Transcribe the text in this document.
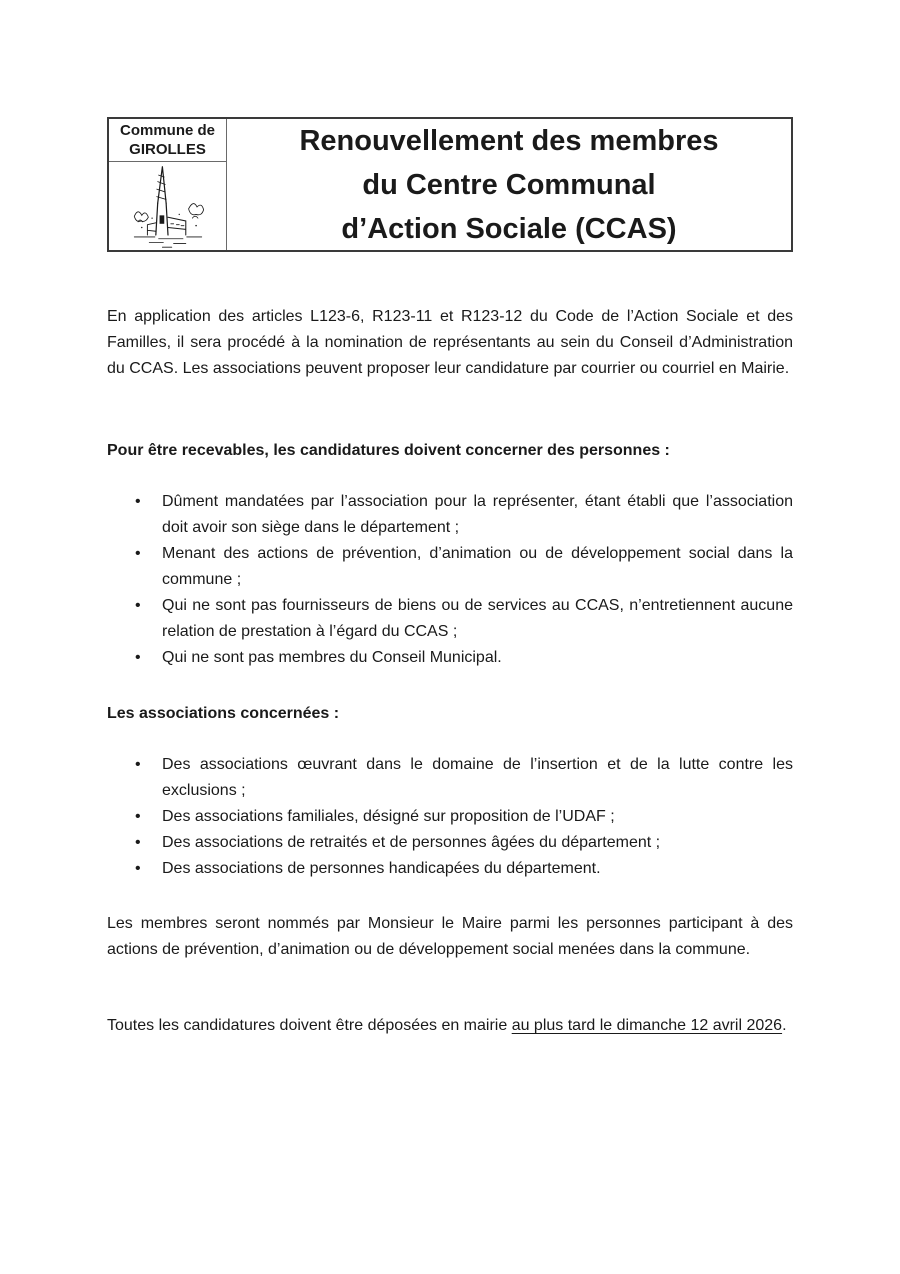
Commune de
GIROLLES	Renouvellement des membres
du Centre Communal
d’Action Sociale (CCAS)

En application des articles L123-6, R123-11 et R123-12 du Code de l’Action Sociale et des Familles, il sera procédé à la nomination de représentants au sein du Conseil d’Administration du CCAS. Les associations peuvent proposer leur candidature par courrier ou courriel en Mairie.

Pour être recevables, les candidatures doivent concerner des personnes :

• Dûment mandatées par l’association pour la représenter, étant établi que l’association doit avoir son siège dans le département ;
• Menant des actions de prévention, d’animation ou de développement social dans la commune ;
• Qui ne sont pas fournisseurs de biens ou de services au CCAS, n’entretiennent aucune relation de prestation à l’égard du CCAS ;
• Qui ne sont pas membres du Conseil Municipal.

Les associations concernées :

• Des associations œuvrant dans le domaine de l’insertion et de la lutte contre les exclusions ;
• Des associations familiales, désigné sur proposition de l’UDAF ;
• Des associations de retraités et de personnes âgées du département ;
• Des associations de personnes handicapées du département.

Les membres seront nommés par Monsieur le Maire parmi les personnes participant à des actions de prévention, d’animation ou de développement social menées dans la commune.

Toutes les candidatures doivent être déposées en mairie au plus tard le dimanche 12 avril 2026.
